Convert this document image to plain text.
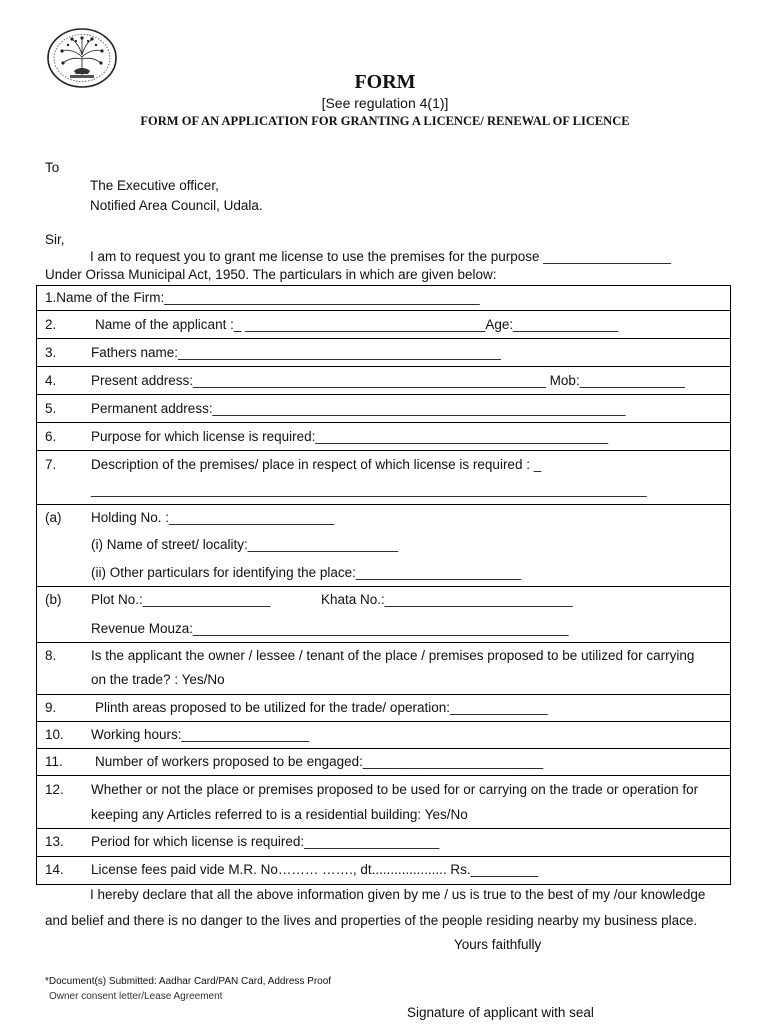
FORM
[See regulation 4(1)]
FORM OF AN APPLICATION FOR GRANTING A LICENCE/ RENEWAL OF LICENCE
To
The Executive officer,
Notified Area Council, Udala.
Sir,
I am to request you to grant me license to use the premises for the purpose _________________
Under Orissa Municipal Act, 1950. The particulars in which are given below:
1.Name of the Firm:__________________________________________
2.	Name of the applicant :_ ________________________________Age:______________
3.	Fathers name:___________________________________________
4.	Present address:_______________________________________________ Mob:______________
5.	Permanent address:_______________________________________________________
6.	Purpose for which license is required:_______________________________________
7.	Description of the premises/ place in respect of which license is required : _
__________________________________________________________________________
(a) Holding No. :______________________
(i) Name of street/ locality:____________________
(ii) Other particulars for identifying the place:______________________
(b) Plot No.:_________________	Khata No.:_________________________
Revenue Mouza:__________________________________________________
8.	Is the applicant the owner / lessee / tenant of the place / premises proposed to be utilized for carrying
on the trade? : Yes/No
9.	Plinth areas proposed to be utilized for the trade/ operation:_____________
10. Working hours:_________________
11. Number of workers proposed to be engaged:________________________
12. Whether or not the place or premises proposed to be used for or carrying on the trade or operation for
keeping any Articles referred to is a residential building: Yes/No
13. Period for which license is required:__________________
14. License fees paid vide M.R. No……… ……., dt.................... Rs._________
I hereby declare that all the above information given by me / us is true to the best of my /our knowledge
and belief and there is no danger to the lives and properties of the people residing nearby my business place.
Yours faithfully
*Document(s) Submitted: Aadhar Card/PAN Card, Address Proof
Owner consent letter/Lease Agreement
Signature of applicant with seal
